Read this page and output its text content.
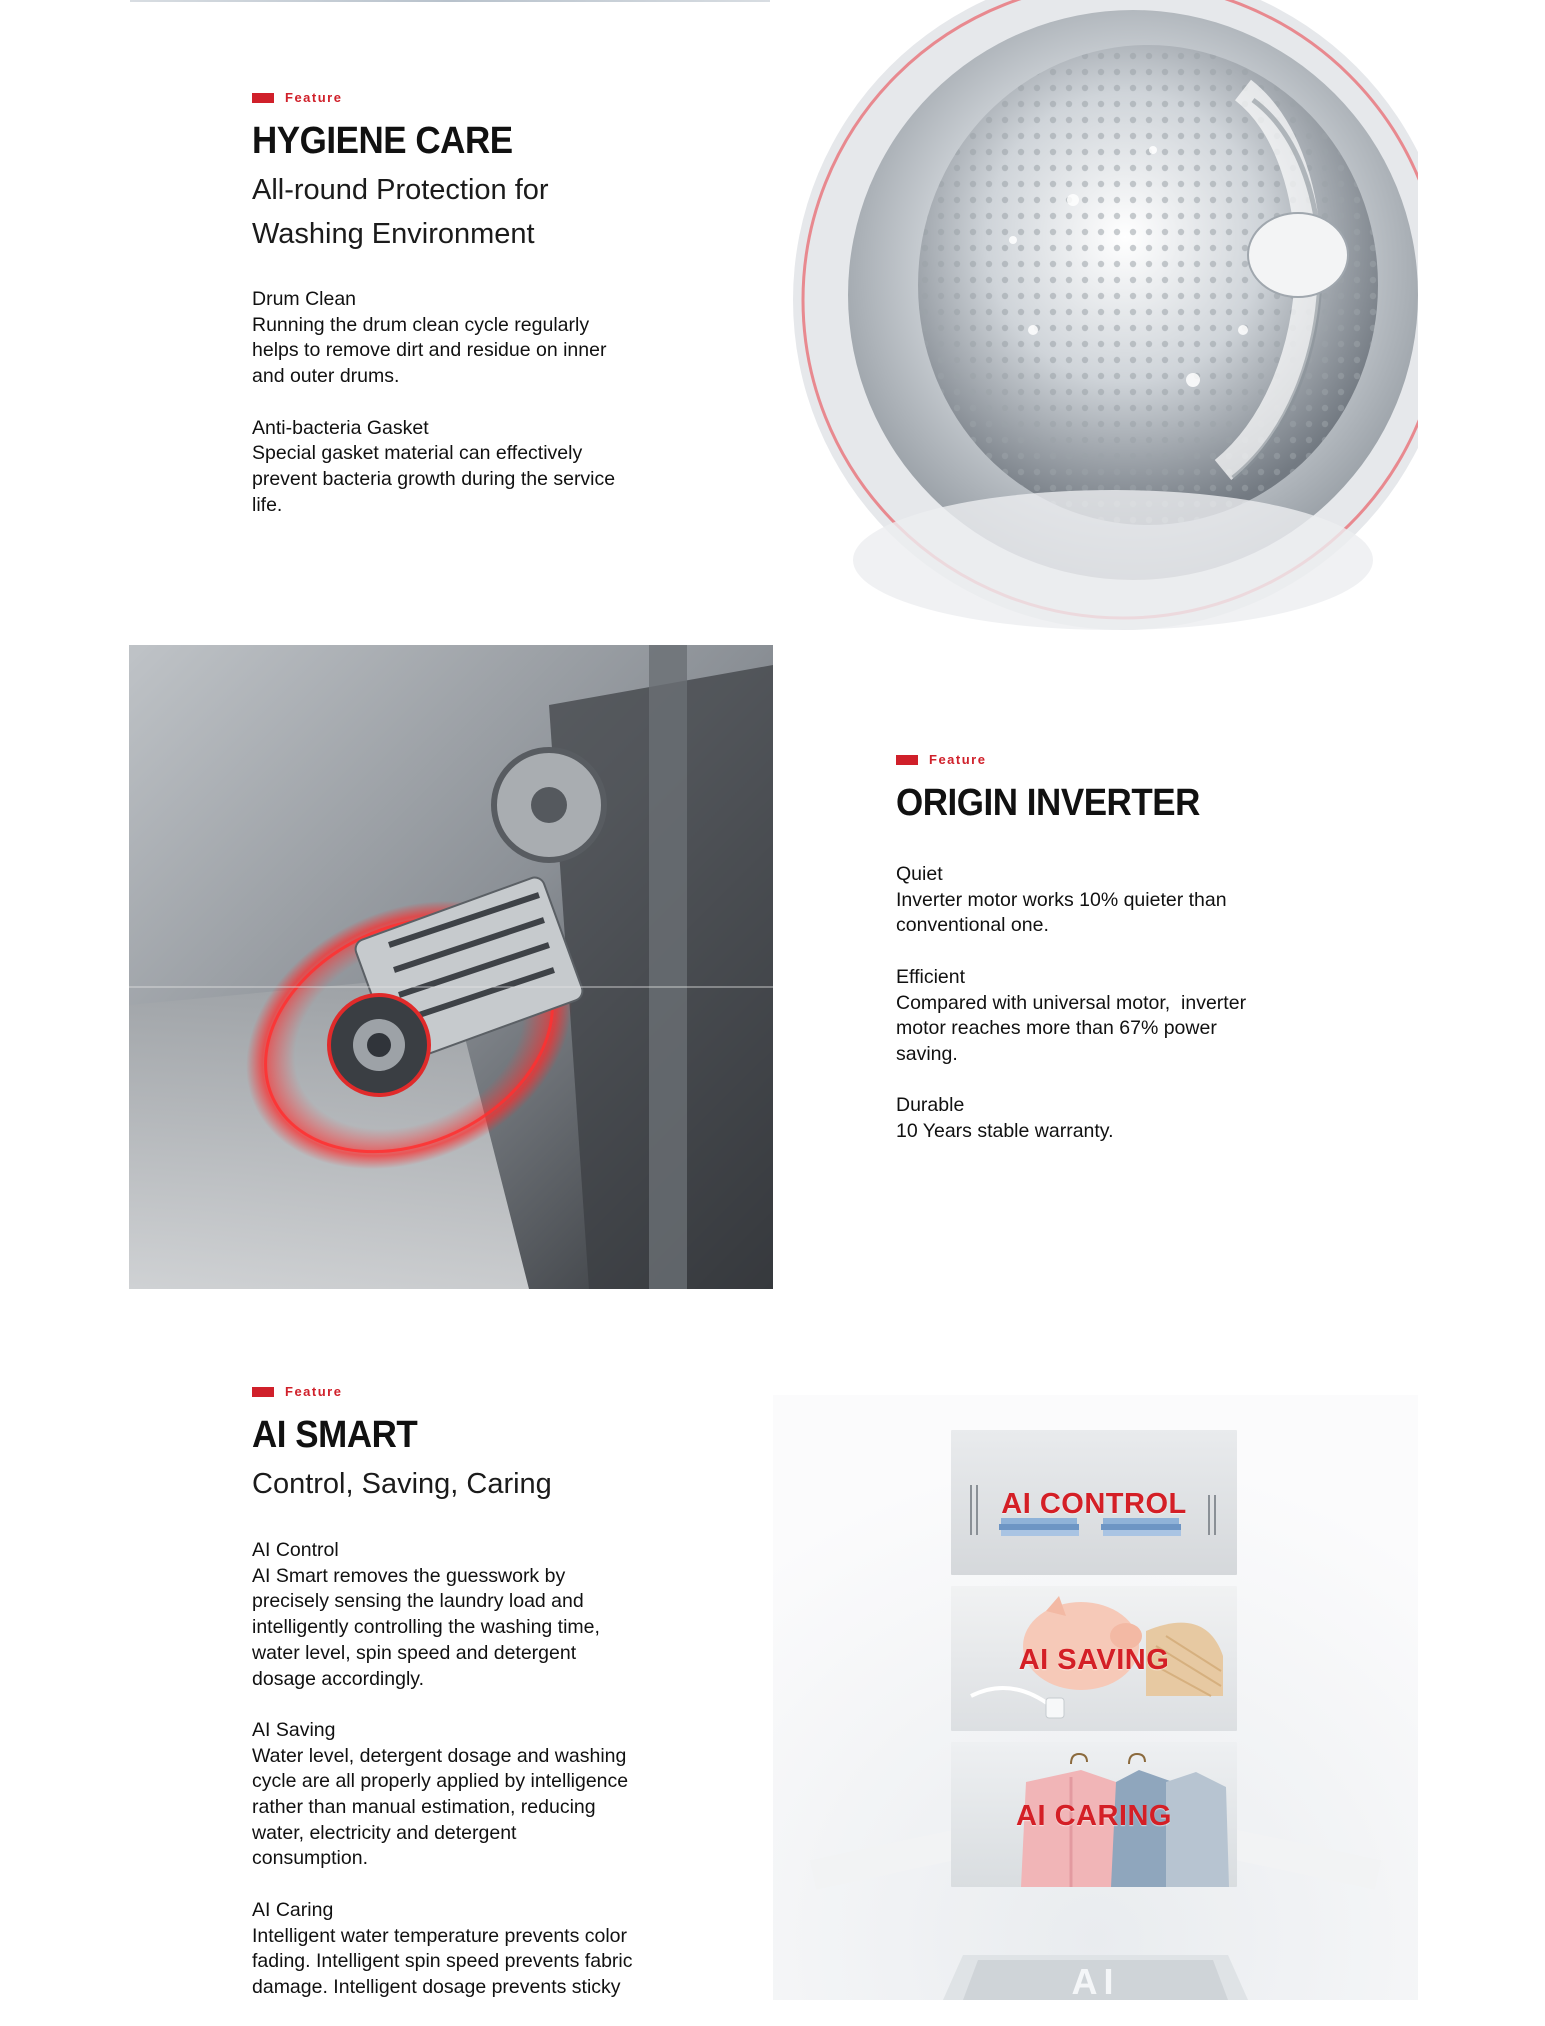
Feature
HYGIENE CARE
All-round Protection for
Washing Environment

Drum Clean

Running the drum clean cycle regularly

helps to remove dirt and residue on inner

and outer drums.

Anti-bacteria Gasket

Special gasket material can effectively

prevent bacteria growth during the service

life.

Feature
ORIGIN INVERTER

Quiet

Inverter motor works 10% quieter than

conventional one.

Efficient

Compared with universal motor,  inverter

motor reaches more than 67% power

saving.

Durable

10 Years stable warranty.

Feature
AI SMART
Control, Saving, Caring

AI Control

AI Smart removes the guesswork by

precisely sensing the laundry load and

intelligently controlling the washing time,

water level, spin speed and detergent

dosage accordingly.

AI Saving

Water level, detergent dosage and washing

cycle are all properly applied by intelligence

rather than manual estimation, reducing

water, electricity and detergent

consumption.

AI Caring

Intelligent water temperature prevents color

fading. Intelligent spin speed prevents fabric

damage. Intelligent dosage prevents sticky	AI
AI CONTROL
AI SAVING
AI CARING
